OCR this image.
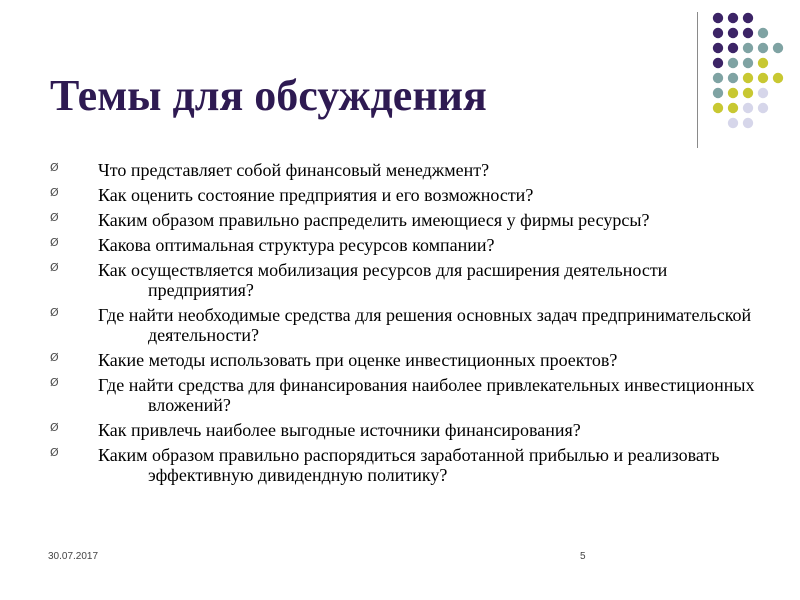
Темы для обсуждения
Ø Что представляет собой финансовый менеджмент?
Ø Как оценить состояние предприятия и его возможности?
Ø Каким образом правильно распределить имеющиеся у фирмы ресурсы?
Ø Какова оптимальная структура ресурсов компании?
Ø Как осуществляется мобилизация ресурсов для расширения деятельности предприятия?
Ø Где найти необходимые средства для решения основных задач предпринимательской деятельности?
Ø Какие методы использовать при оценке инвестиционных проектов?
Ø Где найти средства для финансирования наиболее привлекательных инвестиционных вложений?
Ø Как привлечь наиболее выгодные источники финансирования?
Ø Каким образом правильно распорядиться заработанной прибылью и реализовать эффективную дивидендную политику?
30.07.2017	5
